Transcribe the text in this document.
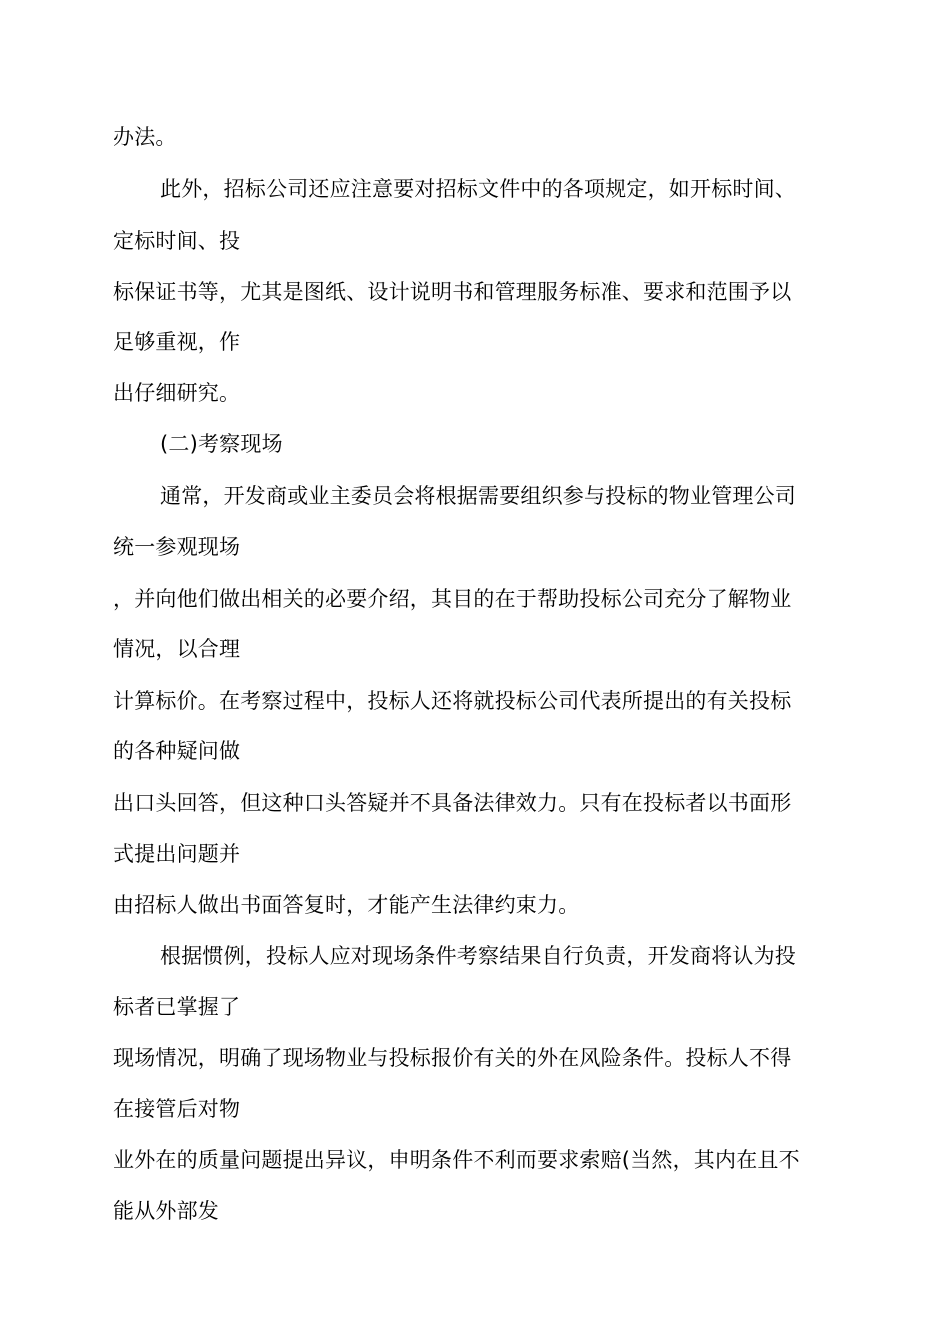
办法。
此外，招标公司还应注意要对招标文件中的各项规定，如开标时间、
定标时间、投
标保证书等，尤其是图纸、设计说明书和管理服务标准、要求和范围予以
足够重视，作
出仔细研究。
(二)考察现场
通常，开发商或业主委员会将根据需要组织参与投标的物业管理公司
统一参观现场
，并向他们做出相关的必要介绍，其目的在于帮助投标公司充分了解物业
情况，以合理
计算标价。在考察过程中，投标人还将就投标公司代表所提出的有关投标
的各种疑问做
出口头回答，但这种口头答疑并不具备法律效力。只有在投标者以书面形
式提出问题并
由招标人做出书面答复时，才能产生法律约束力。
根据惯例，投标人应对现场条件考察结果自行负责，开发商将认为投
标者已掌握了
现场情况，明确了现场物业与投标报价有关的外在风险条件。投标人不得
在接管后对物
业外在的质量问题提出异议，申明条件不利而要求索赔(当然，其内在且不
能从外部发
